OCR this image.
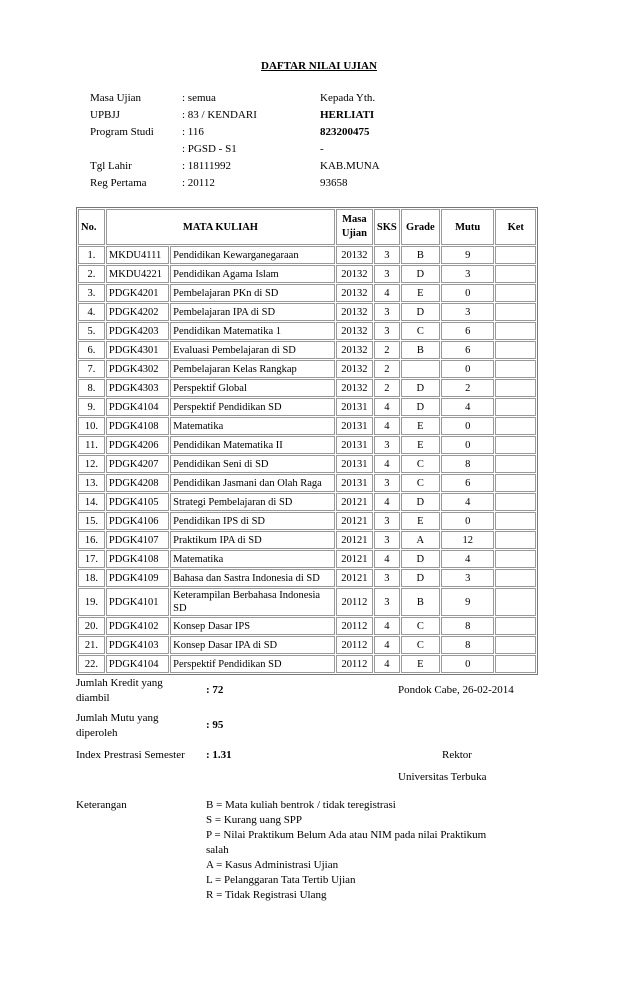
DAFTAR NILAI UJIAN
Masa Ujian	: semua
UPBJJ	: 83 / KENDARI
Program Studi	: 116
: PGSD - S1
Tgl Lahir	: 18111992
Reg Pertama	: 20112
Kepada Yth.
HERLIATI
823200475
-
KAB.MUNA
93658
No.	MATA KULIAH		Masa
Ujian	SKS	Grade	Mutu	Ket
1.	MKDU4111	Pendidikan Kewarganegaraan	20132	3	B	9	
2.	MKDU4221	Pendidikan Agama Islam	20132	3	D	3	
3.	PDGK4201	Pembelajaran PKn di SD	20132	4	E	0	
4.	PDGK4202	Pembelajaran IPA di SD	20132	3	D	3	
5.	PDGK4203	Pendidikan Matematika 1	20132	3	C	6	
6.	PDGK4301	Evaluasi Pembelajaran di SD	20132	2	B	6	
7.	PDGK4302	Pembelajaran Kelas Rangkap	20132	2		0	
8.	PDGK4303	Perspektif Global	20132	2	D	2	
9.	PDGK4104	Perspektif Pendidikan SD	20131	4	D	4	
10.	PDGK4108	Matematika	20131	4	E	0	
11.	PDGK4206	Pendidikan Matematika II	20131	3	E	0	
12.	PDGK4207	Pendidikan Seni di SD	20131	4	C	8	
13.	PDGK4208	Pendidikan Jasmani dan Olah Raga	20131	3	C	6	
14.	PDGK4105	Strategi Pembelajaran di SD	20121	4	D	4	
15.	PDGK4106	Pendidikan IPS di SD	20121	3	E	0	
16.	PDGK4107	Praktikum IPA di SD	20121	3	A	12	
17.	PDGK4108	Matematika	20121	4	D	4	
18.	PDGK4109	Bahasa dan Sastra Indonesia di SD	20121	3	D	3	
19.	PDGK4101	Keterampilan Berbahasa Indonesia SD	20112	3	B	9	
20.	PDGK4102	Konsep Dasar IPS	20112	4	C	8	
21.	PDGK4103	Konsep Dasar IPA di SD	20112	4	C	8	
22.	PDGK4104	Perspektif Pendidikan SD	20112	4	E	0	
Jumlah Kredit yang diambil
: 72	Pondok Cabe, 26-02-2014
Jumlah Mutu yang diperoleh
: 95
Index Prestrasi Semester : 1.31	Rektor
Universitas Terbuka
Keterangan	B = Mata kuliah bentrok / tidak teregistrasi
S = Kurang uang SPP
P = Nilai Praktikum Belum Ada atau NIM pada nilai Praktikum
salah
A = Kasus Administrasi Ujian
L = Pelanggaran Tata Tertib Ujian
R = Tidak Registrasi Ulang
